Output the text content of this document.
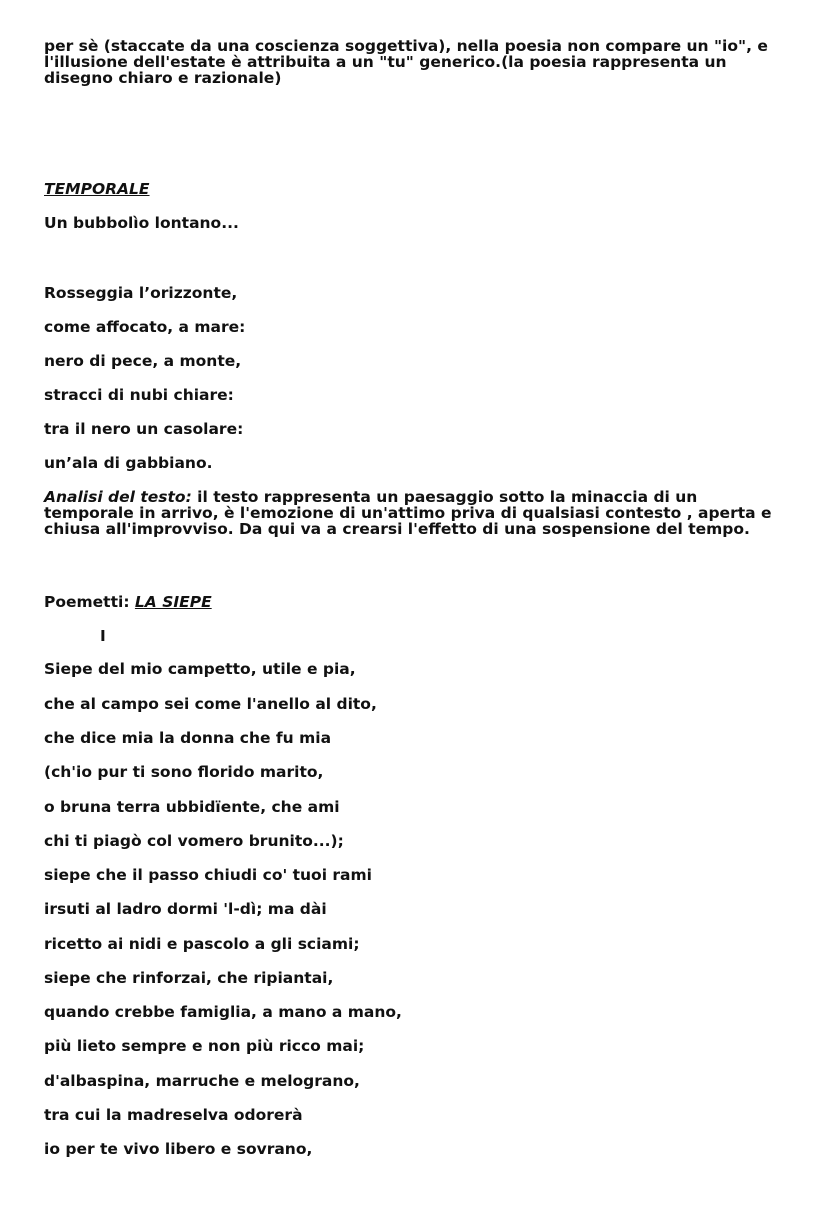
per sè (staccate da una coscienza soggettiva), nella poesia non compare un "io", e l'illusione dell'estate è attribuita a un "tu" generico.(la poesia rappresenta un disegno chiaro e razionale)

TEMPORALE
Un bubbolìo lontano...
Rosseggia l’orizzonte,
come affocato, a mare:
nero di pece, a monte,
stracci di nubi chiare:
tra il nero un casolare:
un’ala di gabbiano.

Analisi del testo: il testo rappresenta un paesaggio sotto la minaccia di un temporale in arrivo, è l'emozione di un'attimo priva di qualsiasi contesto , aperta e chiusa all'improvviso. Da qui va a crearsi l'effetto di una sospensione del tempo.

Poemetti: LA SIEPE
I
Siepe del mio campetto, utile e pia,
che al campo sei come l'anello al dito,
che dice mia la donna che fu mia
(ch'io pur ti sono florido marito,
o bruna terra ubbidïente, che ami
chi ti piagò col vomero brunito...);
siepe che il passo chiudi co' tuoi rami
irsuti al ladro dormi 'l-dì; ma dài
ricetto ai nidi e pascolo a gli sciami;
siepe che rinforzai, che ripiantai,
quando crebbe famiglia, a mano a mano,
più lieto sempre e non più ricco mai;
d'albaspina, marruche e melograno,
tra cui la madreselva odorerà
io per te vivo libero e sovrano,
